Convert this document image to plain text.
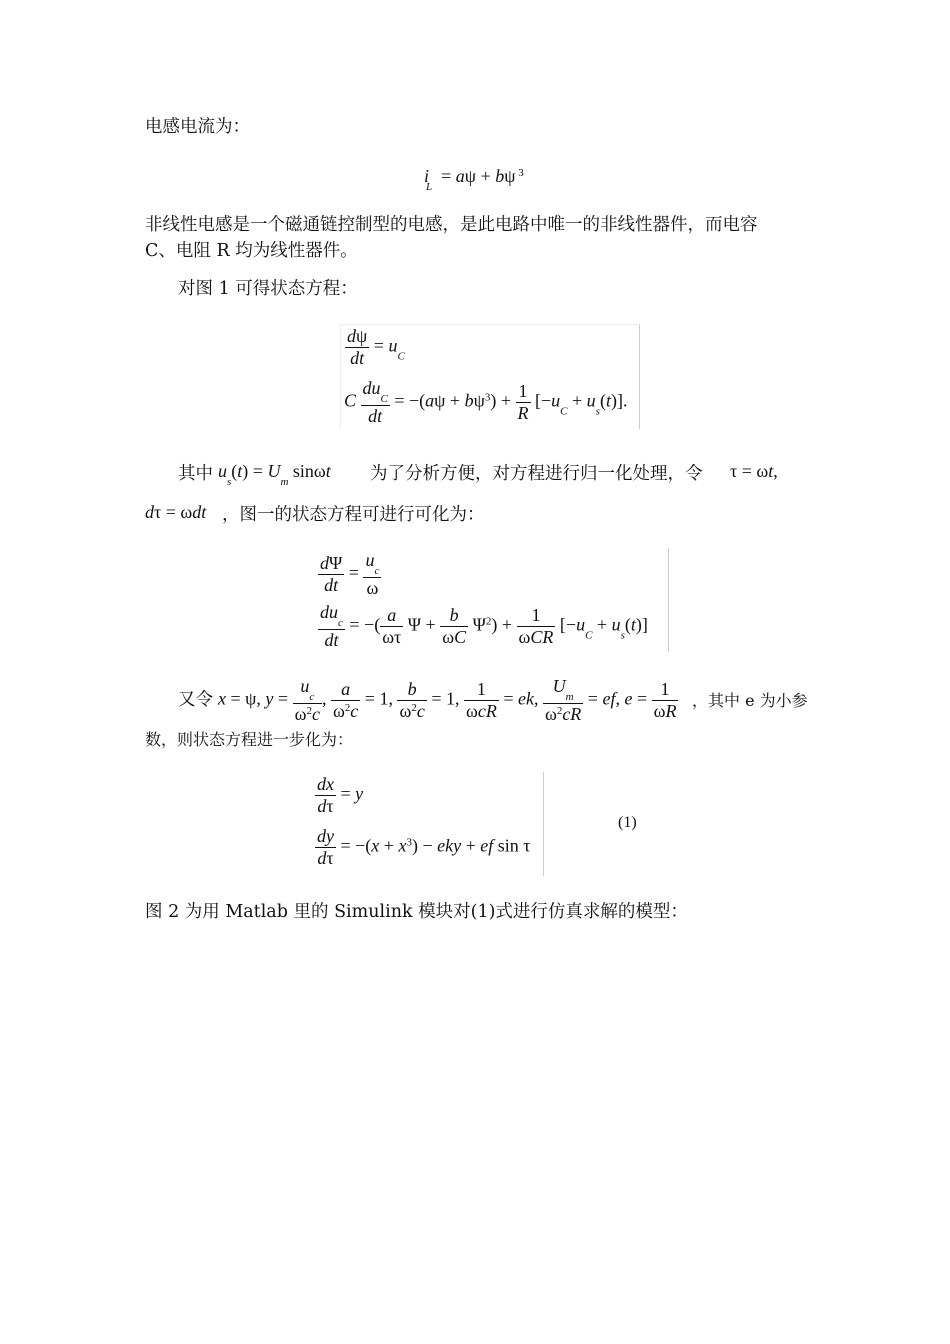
电感电流为：
$i_L = a\psi + b\psi$ $^3$
非线性电感是一个磁通链控制型的电感，是此电路中唯一的非线性器件，而电容
C、电阻 R 均为线性器件。
对图 1 可得状态方程：
$\frac{d\psi}{dt} = u_C$
C $\frac{du_C}{dt} = -(a\psi + b\psi^3) + \frac{1}{R} [-u_C + u_s(t)]$.
其中 $u_s(t) = U_m$ sinωt 为了分析方便，对方程进行归一化处理，令 τ = ωt,
dτ = ωdt ，图一的状态方程可进行可化为：
$\frac{d\Psi}{dt} = \frac{u_c}{\omega}$
$\frac{du_c}{dt}$ = −( $\frac{a}{\omega\tau}$ $\Psi + \frac{b}{\omega C} \Psi^2) + \frac{1}{\text{ωCR}} [-u_C + u_s(t)]$
又令 x = ψ, $y = \frac{u_c}{\omega^2c}$ , $\frac{a}{\omega^2c} = 1$, $\frac{b}{\omega^2c} = 1$, $\frac{1}{\text{ωcR}}$ = ek, $\frac{U_m}{\omega^2cR}$ = ef, $e = \frac{1}{\omega R}$ ，其中 e 为小参
数，则状态方程进一步化为：
$\frac{dx}{d\tau} = y$
$\frac{dy}{d\tau} = -(x + x^3)$ − eky + ef sin τ
(1)
图 2 为用 Matlab 里的 Simulink 模块对(1)式进行仿真求解的模型：
